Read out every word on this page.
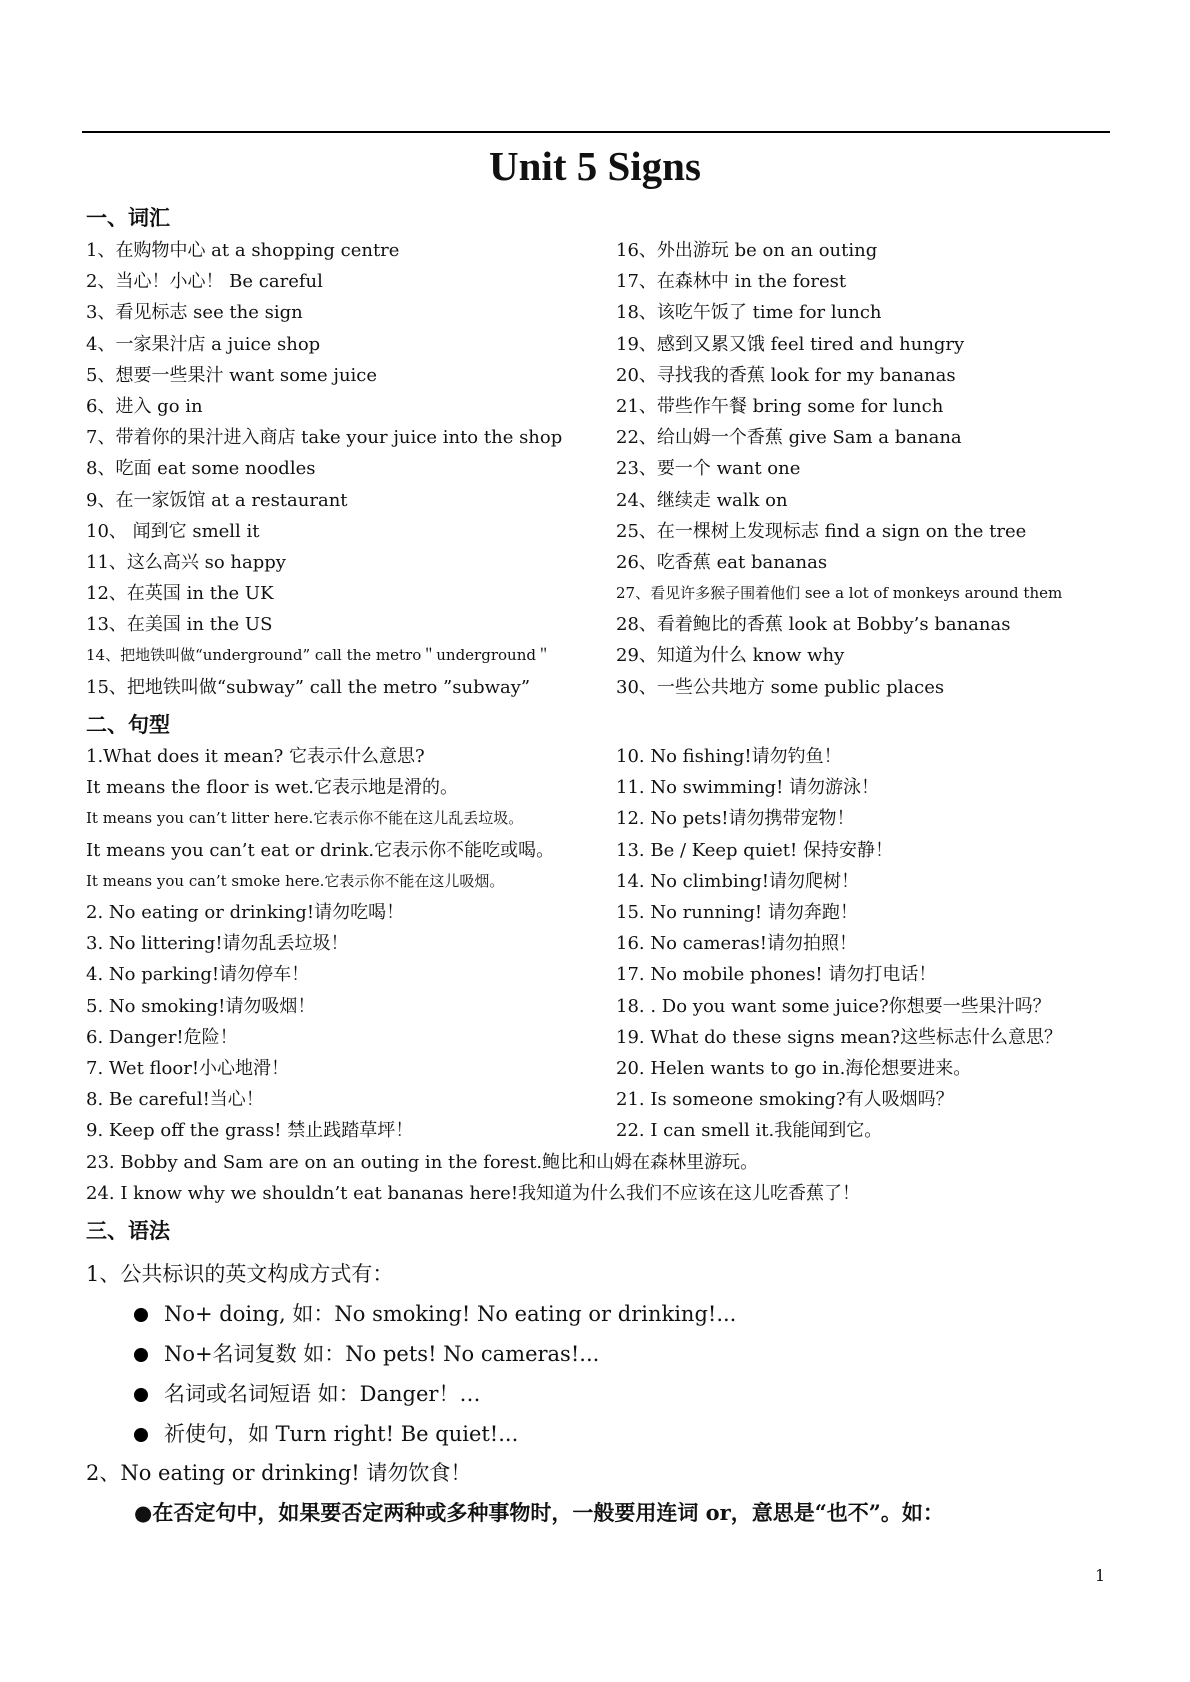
Unit 5 Signs
一、词汇
1、在购物中心 at a shopping centre	16、外出游玩 be on an outing
2、当心！小心！ Be careful	17、在森林中 in the forest
3、看见标志 see the sign	18、该吃午饭了 time for lunch
4、一家果汁店 a juice shop	19、感到又累又饿 feel tired and hungry
5、想要一些果汁 want some juice	20、寻找我的香蕉 look for my bananas
6、进入 go in	21、带些作午餐 bring some for lunch
7、带着你的果汁进入商店 take your juice into the shop	22、给山姆一个香蕉 give Sam a banana
8、吃面 eat some noodles	23、要一个 want one
9、在一家饭馆 at a restaurant	24、继续走 walk on
10、 闻到它 smell it	25、在一棵树上发现标志 find a sign on the tree
11、这么高兴 so happy	26、吃香蕉 eat bananas
12、在英国 in the UK	27、看见许多猴子围着他们 see a lot of monkeys around them
13、在美国 in the US	28、看着鲍比的香蕉 look at Bobby’s bananas
14、把地铁叫做“underground” call the metro＂underground＂	29、知道为什么 know why
15、把地铁叫做“subway” call the metro ”subway”	30、一些公共地方 some public places
二、句型
1.What does it mean? 它表示什么意思?	10. No fishing!请勿钓鱼！
It means the floor is wet.它表示地是滑的。	11. No swimming! 请勿游泳！
It means you can’t litter here.它表示你不能在这儿乱丢垃圾。	12. No pets!请勿携带宠物！
It means you can’t eat or drink.它表示你不能吃或喝。	13. Be / Keep quiet! 保持安静！
It means you can’t smoke here.它表示你不能在这儿吸烟。	14. No climbing!请勿爬树！
2. No eating or drinking!请勿吃喝！	15. No running! 请勿奔跑！
3. No littering!请勿乱丢垃圾！	16. No cameras!请勿拍照！
4. No parking!请勿停车！	17. No mobile phones! 请勿打电话！
5. No smoking!请勿吸烟！	18. . Do you want some juice?你想要一些果汁吗？
6. Danger!危险！	19. What do these signs mean?这些标志什么意思？
7. Wet floor!小心地滑！	20. Helen wants to go in.海伦想要进来。
8. Be careful!当心！	21. Is someone smoking?有人吸烟吗？
9. Keep off the grass! 禁止践踏草坪！	22. I can smell it.我能闻到它。
23. Bobby and Sam are on an outing in the forest.鲍比和山姆在森林里游玩。
24. I know why we shouldn’t eat bananas here!我知道为什么我们不应该在这儿吃香蕉了！
三、语法
1、公共标识的英文构成方式有：
No+ doing, 如：No smoking! No eating or drinking!...
No+名词复数 如：No pets! No cameras!...
名词或名词短语 如：Danger！…
祈使句，如 Turn right! Be quiet!...
2、No eating or drinking! 请勿饮食！
●在否定句中，如果要否定两种或多种事物时，一般要用连词 or，意思是“也不”。如：
1
